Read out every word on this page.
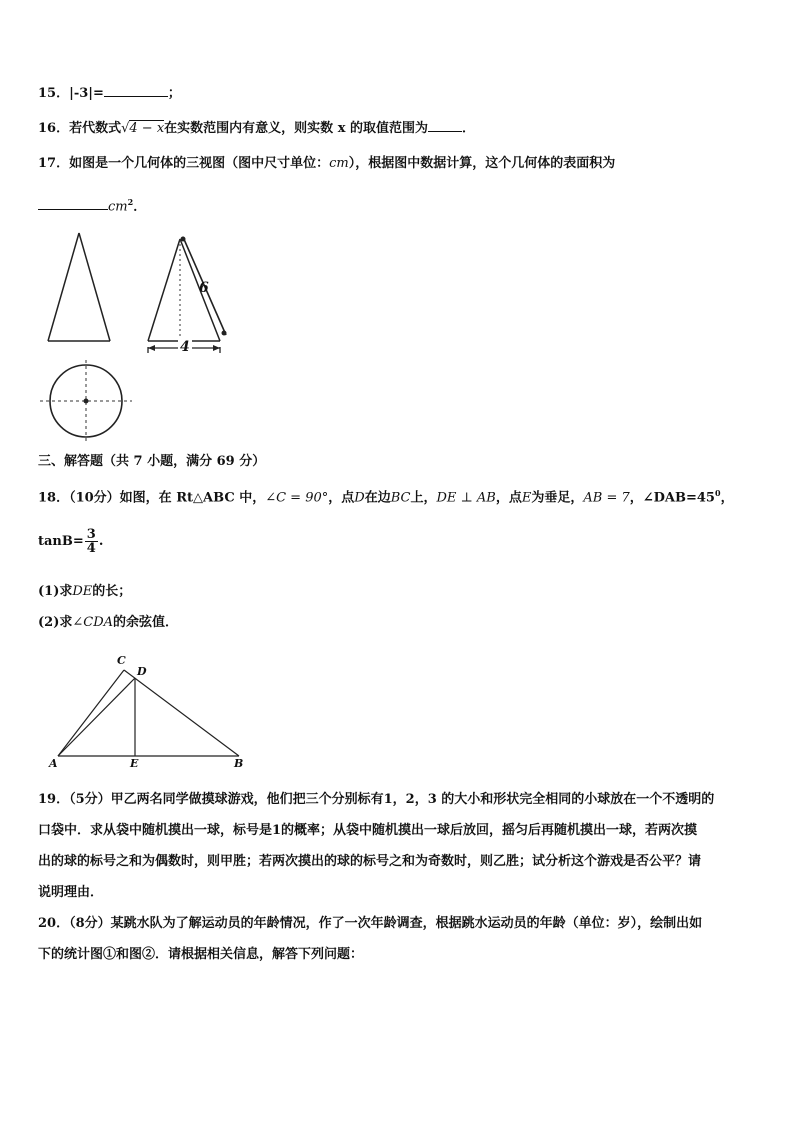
15．|-3|=	；
16．若代数式√4 − x在实数范围内有意义，则实数 x 的取值范围为	．
17．如图是一个几何体的三视图（图中尺寸单位：cm），根据图中数据计算，这个几何体的表面积为
$cm^2$．
6
4
三、解答题（共 7 小题，满分 69 分）
18．（10分）如图，在 Rt△ABC 中，∠C = 90°，点D在边BC上，DE ⊥ AB，点E为垂足，AB = 7，$\angle DAB=45^0$，
$\tan B= \frac{3}{4}$ .
(1)求DE的长；
(2)求∠CDA的余弦值．
C
D
A	E	B
19．（5分）甲乙两名同学做摸球游戏，他们把三个分别标有1，2，3 的大小和形状完全相同的小球放在一个不透明的
口袋中．求从袋中随机摸出一球，标号是1的概率；从袋中随机摸出一球后放回，摇匀后再随机摸出一球，若两次摸
出的球的标号之和为偶数时，则甲胜；若两次摸出的球的标号之和为奇数时，则乙胜；试分析这个游戏是否公平？请
说明理由．
20．（8分）某跳水队为了解运动员的年龄情况，作了一次年龄调查，根据跳水运动员的年龄（单位：岁），绘制出如
下的统计图①和图②．请根据相关信息，解答下列问题：
